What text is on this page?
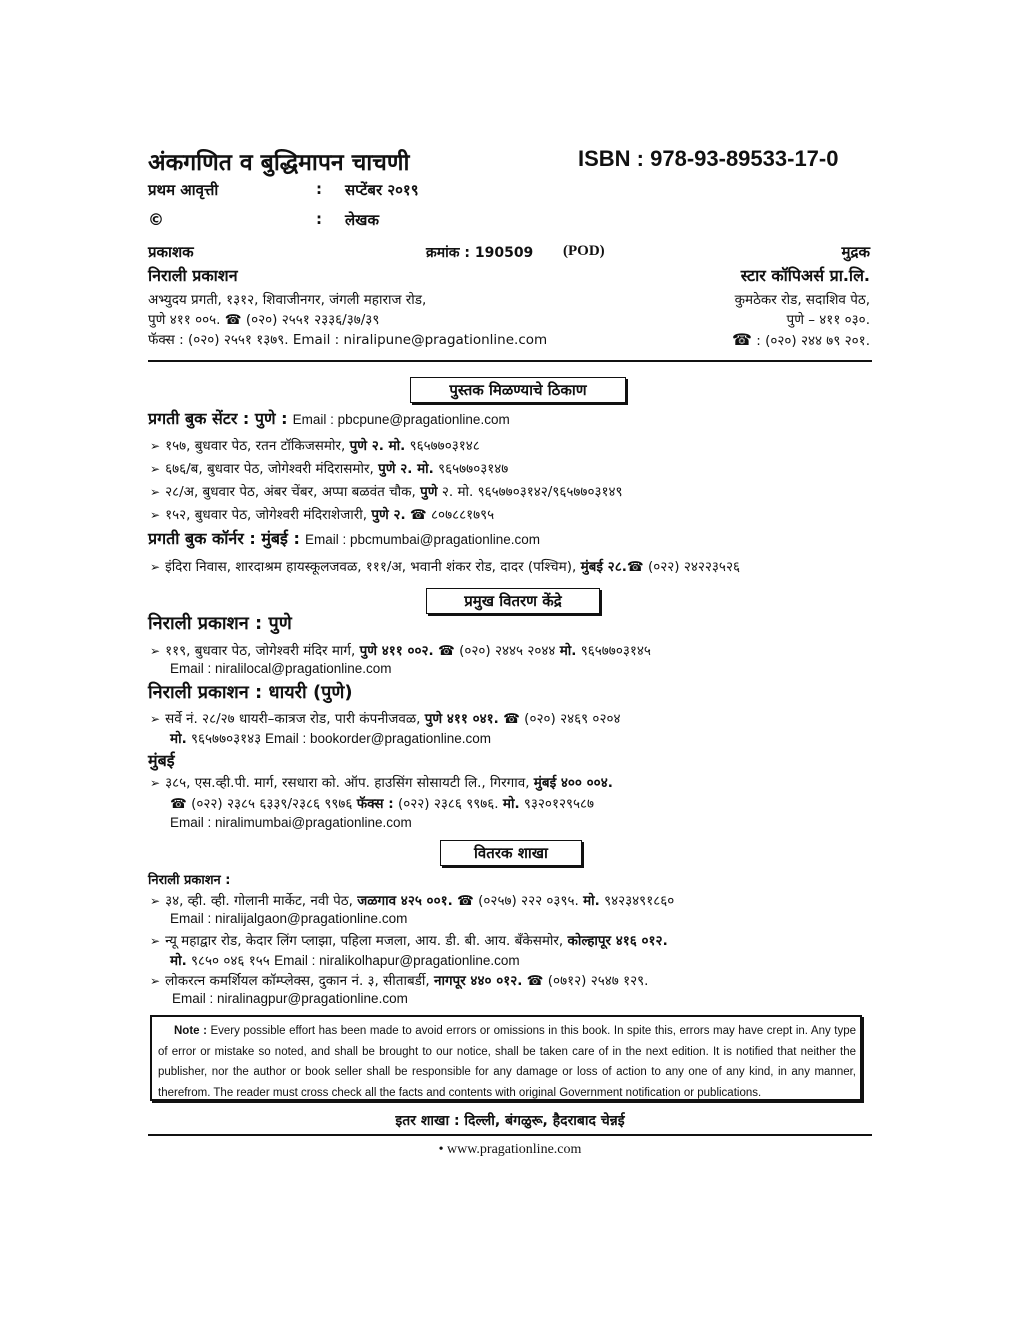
अंकगणित व बुद्धिमापन चाचणी	ISBN : 978-93-89533-17-0
प्रथम आवृत्ती	: सप्टेंबर २०१९
©	: लेखक
प्रकाशक	क्रमांक : 190509 (POD)	मुद्रक
निराली प्रकाशन	स्टार कॉपिअर्स प्रा.लि.
अभ्युदय प्रगती, १३१२, शिवाजीनगर, जंगली महाराज रोड,
पुणे ४११ ००५. ☎ (०२०) २५५१ २३३६/३७/३९
फॅक्स : (०२०) २५५१ १३७९. Email : niralipune@pragationline.com
कुमठेकर रोड, सदाशिव पेठ,
पुणे – ४११ ०३०.
☎ : (०२०) २४४ ७९ २०१.
पुस्तक मिळण्याचे ठिकाण
प्रगती बुक सेंटर : पुणे : Email : pbcpune@pragationline.com
➢ १५७, बुधवार पेठ, रतन टॉकिजसमोर, पुणे २. मो. ९६५७७०३१४८
➢ ६७६/ब, बुधवार पेठ, जोगेश्वरी मंदिरासमोर, पुणे २. मो. ९६५७७०३१४७
➢ २८/अ, बुधवार पेठ, अंबर चेंबर, अप्पा बळवंत चौक, पुणे २. मो. ९६५७७०३१४२/९६५७७०३१४९
➢ १५२, बुधवार पेठ, जोगेश्वरी मंदिराशेजारी, पुणे २. ☎ ८०७८८१७९५
प्रगती बुक कॉर्नर : मुंबई : Email : pbcmumbai@pragationline.com
➢ इंदिरा निवास, शारदाश्रम हायस्कूलजवळ, १११/अ, भवानी शंकर रोड, दादर (पश्चिम), मुंबई २८.☎ (०२२) २४२२३५२६
प्रमुख वितरण केंद्रे
निराली प्रकाशन : पुणे
➢ ११९, बुधवार पेठ, जोगेश्वरी मंदिर मार्ग, पुणे ४११ ००२. ☎ (०२०) २४४५ २०४४ मो. ९६५७७०३१४५
Email : niralilocal@pragationline.com
निराली प्रकाशन : धायरी (पुणे)
➢ सर्वे नं. २८/२७ धायरी–कात्रज रोड, पारी कंपनीजवळ, पुणे ४११ ०४१. ☎ (०२०) २४६९ ०२०४
मो. ९६५७७०३१४३ Email : bookorder@pragationline.com
मुंबई
➢ ३८५, एस.व्ही.पी. मार्ग, रसधारा को. ऑप. हाउसिंग सोसायटी लि., गिरगाव, मुंबई ४०० ००४.
☎ (०२२) २३८५ ६३३९/२३८६ ९९७६ फॅक्स : (०२२) २३८६ ९९७६. मो. ९३२०१२९५८७
Email : niralimumbai@pragationline.com
वितरक शाखा
निराली प्रकाशन :
➢ ३४, व्ही. व्ही. गोलानी मार्केट, नवी पेठ, जळगाव ४२५ ००१. ☎ (०२५७) २२२ ०३९५. मो. ९४२३४९१८६०
Email : niralijalgaon@pragationline.com
➢ न्यू महाद्वार रोड, केदार लिंग प्लाझा, पहिला मजला, आय. डी. बी. आय. बँकेसमोर, कोल्हापूर ४१६ ०१२.
मो. ९८५० ०४६ १५५ Email : niralikolhapur@pragationline.com
➢ लोकरत्न कमर्शियल कॉम्प्लेक्स, दुकान नं. ३, सीताबर्डी, नागपूर ४४० ०१२. ☎ (०७१२) २५४७ १२९.
Email : niralinagpur@pragationline.com
Note : Every possible effort has been made to avoid errors or omissions in this book. In spite this, errors may have crept in. Any type of error or mistake so noted, and shall be brought to our notice, shall be taken care of in the next edition. It is notified that neither the publisher, nor the author or book seller shall be responsible for any damage or loss of action to any one of any kind, in any manner, therefrom. The reader must cross check all the facts and contents with original Government notification or publications.
इतर शाखा : दिल्ली, बंगळुरू, हैदराबाद चेन्नई
• www.pragationline.com
